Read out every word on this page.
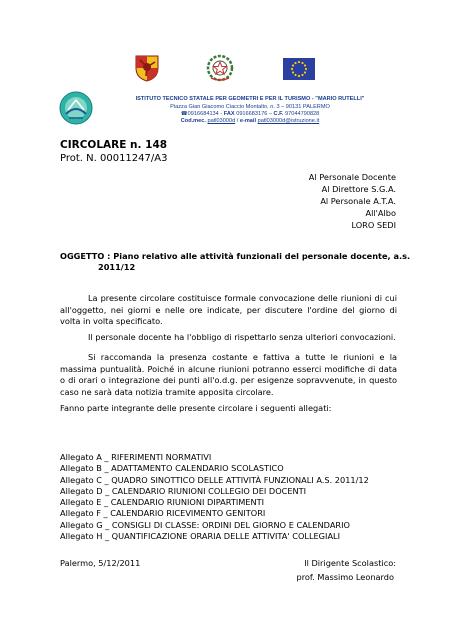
ISTITUTO TECNICO STATALE PER GEOMETRI E PER IL TURISMO - "MARIO RUTELLI"
Piazza Gian Giacomo Ciaccio Montalto, n. 3 – 90131 PALERMO
☎0916684134 - FAX 0916683176 – C.F. 97044790828
Cod.mec. patl03000d / e-mail patl03000d@istruzione.it
CIRCOLARE n. 148
Prot. N. 00011247/A3
Al Personale Docente
Al Direttore S.G.A.
Al Personale A.T.A.
All'Albo
LORO SEDI
OGGETTO : Piano relativo alle attività funzionali del personale docente, a.s.
2011/12
La presente circolare costituisce formale convocazione delle riunioni di cui all'oggetto, nei giorni e nelle ore indicate, per discutere l'ordine del giorno di volta in volta specificato.
Il personale docente ha l'obbligo di rispettarlo senza ulteriori convocazioni.
Si raccomanda la presenza costante e fattiva a tutte le riunioni e la massima puntualità. Poiché in alcune riunioni potranno esserci modifiche di data o di orari o integrazione dei punti all'o.d.g. per esigenze sopravvenute, in questo caso ne sarà data notizia tramite apposita circolare.
Fanno parte integrante delle presente circolare i seguenti allegati:
Allegato A _ RIFERIMENTI NORMATIVI
Allegato B _ ADATTAMENTO CALENDARIO SCOLASTICO
Allegato C _ QUADRO SINOTTICO DELLE ATTIVITÀ FUNZIONALI A.S. 2011/12
Allegato D _ CALENDARIO RIUNIONI COLLEGIO DEI DOCENTI
Allegato E _ CALENDARIO RIUNIONI DIPARTIMENTI
Allegato F _ CALENDARIO RICEVIMENTO GENITORI
Allegato G _ CONSIGLI DI CLASSE: ORDINI DEL GIORNO E CALENDARIO
Allegato H _ QUANTIFICAZIONE ORARIA DELLE ATTIVITA' COLLEGIALI
Palermo, 5/12/2011	Il Dirigente Scolastico:
prof. Massimo Leonardo
